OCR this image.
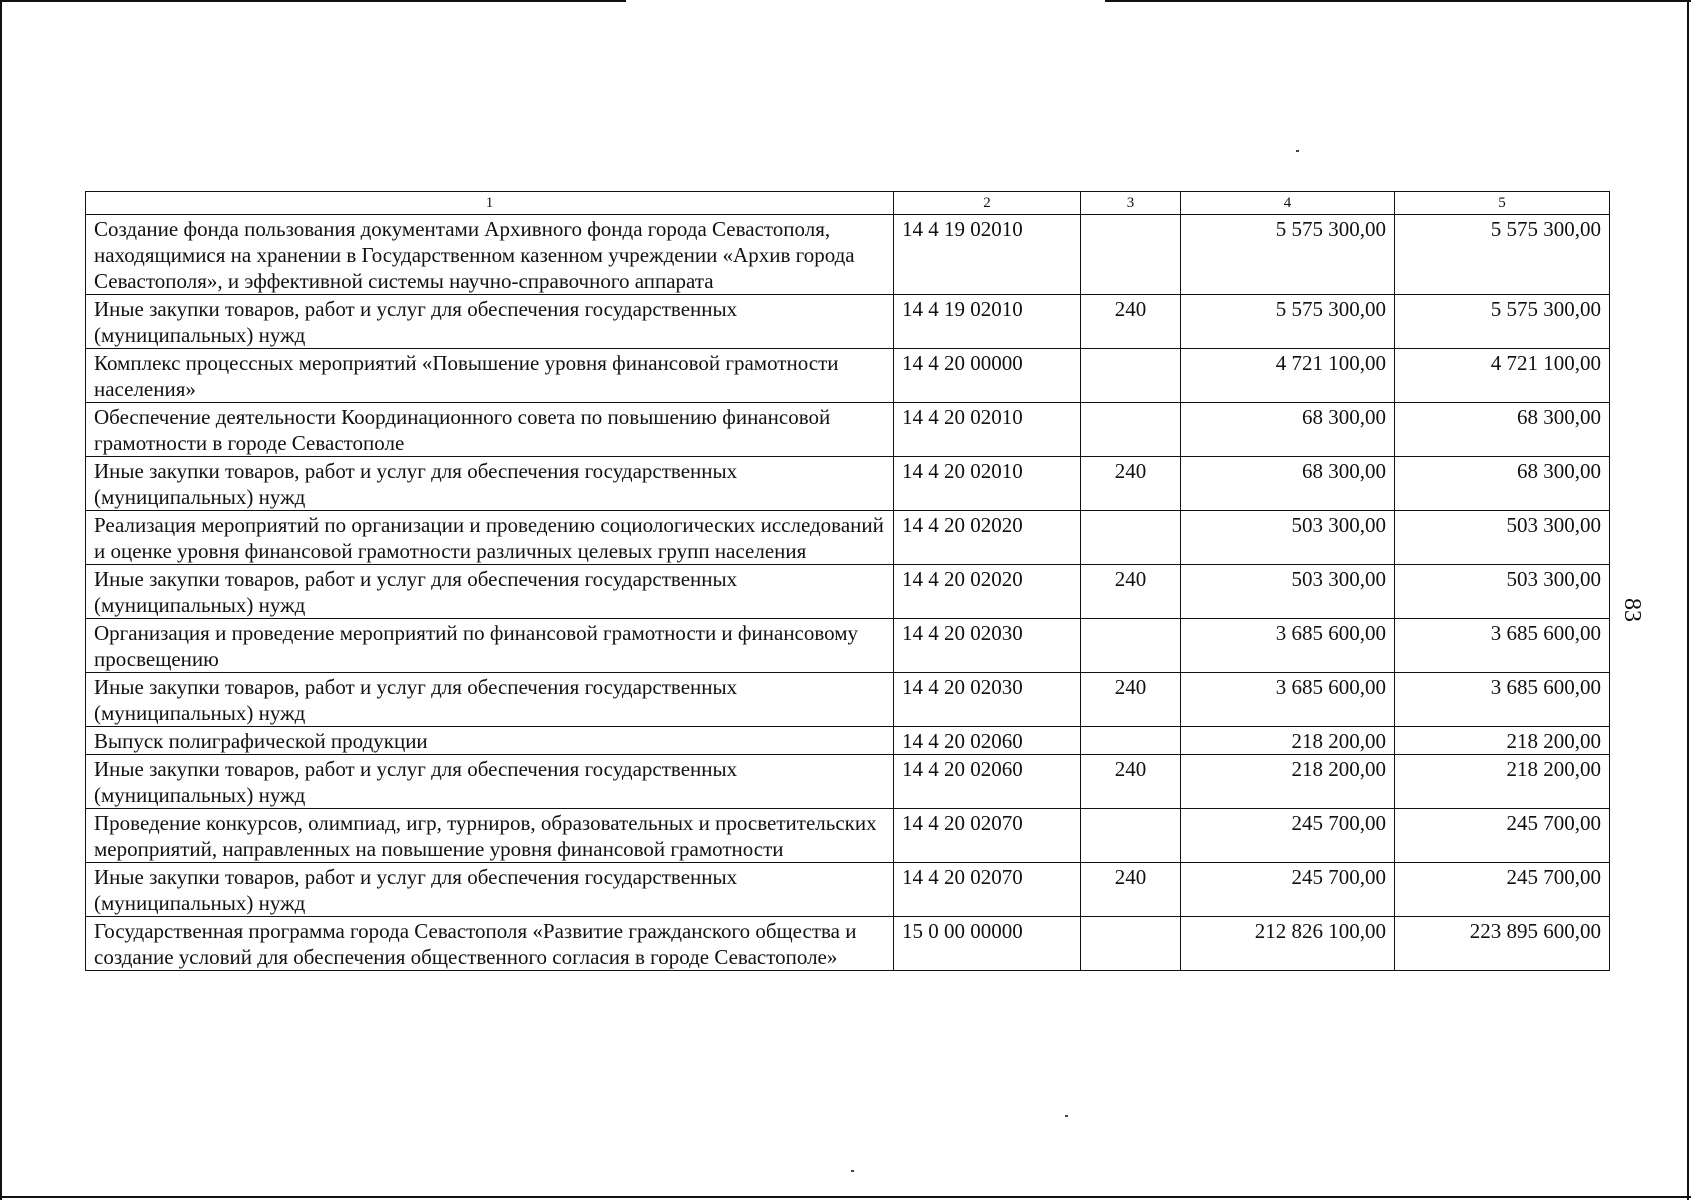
83
1	2	3	4	5
Создание фонда пользования документами Архивного фонда города Севастополя, находящимися на хранении в Государственном казенном учреждении «Архив города Севастополя», и эффективной системы научно-справочного аппарата	14 4 19 02010		5 575 300,00	5 575 300,00
Иные закупки товаров, работ и услуг для обеспечения государственных (муниципальных) нужд	14 4 19 02010	240	5 575 300,00	5 575 300,00
Комплекс процессных мероприятий «Повышение уровня финансовой грамотности населения»	14 4 20 00000		4 721 100,00	4 721 100,00
Обеспечение деятельности Координационного совета по повышению финансовой грамотности в городе Севастополе	14 4 20 02010		68 300,00	68 300,00
Иные закупки товаров, работ и услуг для обеспечения государственных (муниципальных) нужд	14 4 20 02010	240	68 300,00	68 300,00
Реализация мероприятий по организации и проведению социологических исследований и оценке уровня финансовой грамотности различных целевых групп населения	14 4 20 02020		503 300,00	503 300,00
Иные закупки товаров, работ и услуг для обеспечения государственных (муниципальных) нужд	14 4 20 02020	240	503 300,00	503 300,00
Организация и проведение мероприятий по финансовой грамотности и финансовому просвещению	14 4 20 02030		3 685 600,00	3 685 600,00
Иные закупки товаров, работ и услуг для обеспечения государственных (муниципальных) нужд	14 4 20 02030	240	3 685 600,00	3 685 600,00
Выпуск полиграфической продукции	14 4 20 02060		218 200,00	218 200,00
Иные закупки товаров, работ и услуг для обеспечения государственных (муниципальных) нужд	14 4 20 02060	240	218 200,00	218 200,00
Проведение конкурсов, олимпиад, игр, турниров, образовательных и просветительских мероприятий, направленных на повышение уровня финансовой грамотности	14 4 20 02070		245 700,00	245 700,00
Иные закупки товаров, работ и услуг для обеспечения государственных (муниципальных) нужд	14 4 20 02070	240	245 700,00	245 700,00
Государственная программа города Севастополя «Развитие гражданского общества и создание условий для обеспечения общественного согласия в городе Севастополе»	15 0 00 00000		212 826 100,00	223 895 600,00
